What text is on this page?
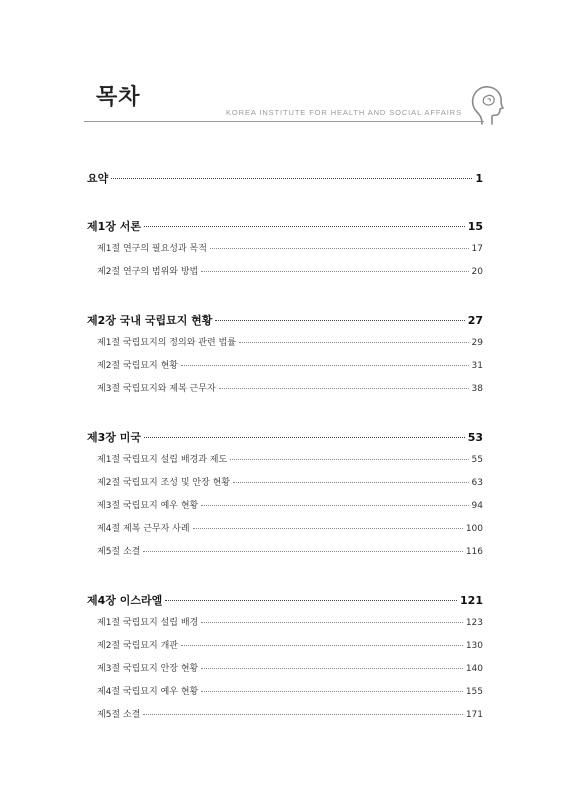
목차
KOREA INSTITUTE FOR HEALTH AND SOCIAL AFFAIRS
요약	1
제1장 서론	15
제1절 연구의 필요성과 목적	17
제2절 연구의 범위와 방법	20
제2장 국내 국립묘지 현황	27
제1절 국립묘지의 정의와 관련 법률	29
제2절 국립묘지 현황	31
제3절 국립묘지와 제복 근무자	38
제3장 미국	53
제1절 국립묘지 설립 배경과 제도	55
제2절 국립묘지 조성 및 안장 현황	63
제3절 국립묘지 예우 현황	94
제4절 제복 근무자 사례	100
제5절 소결	116
제4장 이스라엘	121
제1절 국립묘지 설립 배경	123
제2절 국립묘지 개관	130
제3절 국립묘지 안장 현황	140
제4절 국립묘지 예우 현황	155
제5절 소결	171
